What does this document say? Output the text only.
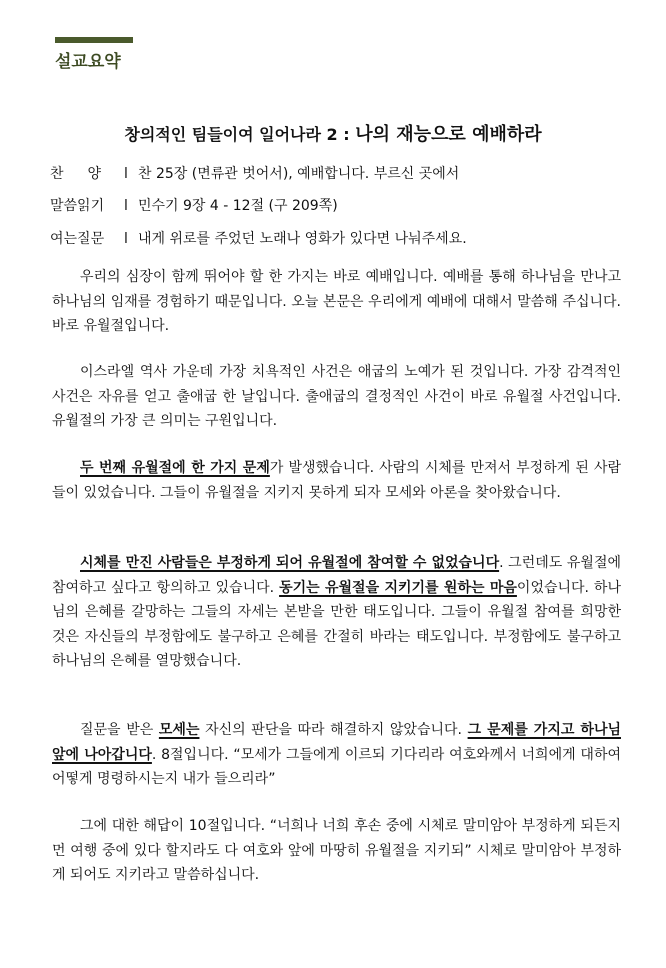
설교요약
창의적인 팀들이여 일어나라 2 : 나의 재능으로 예배하라
찬양l 찬 25장 (면류관 벗어서), 예배합니다. 부르신 곳에서
말씀읽기 l 민수기 9장 4 - 12절 (구 209쪽)
여는질문 l 내게 위로를 주었던 노래나 영화가 있다면 나눠주세요.

우리의 심장이 함께 뛰어야 할 한 가지는 바로 예배입니다. 예배를 통해 하나님을 만나고 하나님의 임재를 경험하기 때문입니다. 오늘 본문은 우리에게 예배에 대해서 말씀해 주십니다. 바로 유월절입니다.

이스라엘 역사 가운데 가장 치욕적인 사건은 애굽의 노예가 된 것입니다. 가장 감격적인 사건은 자유를 얻고 출애굽 한 날입니다. 출애굽의 결정적인 사건이 바로 유월절 사건입니다. 유월절의 가장 큰 의미는 구원입니다.

두 번째 유월절에 한 가지 문제가 발생했습니다. 사람의 시체를 만져서 부정하게 된 사람들이 있었습니다. 그들이 유월절을 지키지 못하게 되자 모세와 아론을 찾아왔습니다.

시체를 만진 사람들은 부정하게 되어 유월절에 참여할 수 없었습니다. 그런데도 유월절에 참여하고 싶다고 항의하고 있습니다. 동기는 유월절을 지키기를 원하는 마음이었습니다. 하나님의 은혜를 갈망하는 그들의 자세는 본받을 만한 태도입니다. 그들이 유월절 참여를 희망한 것은 자신들의 부정함에도 불구하고 은혜를 간절히 바라는 태도입니다. 부정함에도 불구하고 하나님의 은혜를 열망했습니다.

질문을 받은 모세는 자신의 판단을 따라 해결하지 않았습니다. 그 문제를 가지고 하나님 앞에 나아갑니다. 8절입니다. “모세가 그들에게 이르되 기다리라 여호와께서 너희에게 대하여 어떻게 명령하시는지 내가 들으리라”

그에 대한 해답이 10절입니다. “너희나 너희 후손 중에 시체로 말미암아 부정하게 되든지 먼 여행 중에 있다 할지라도 다 여호와 앞에 마땅히 유월절을 지키되” 시체로 말미암아 부정하게 되어도 지키라고 말씀하십니다.
